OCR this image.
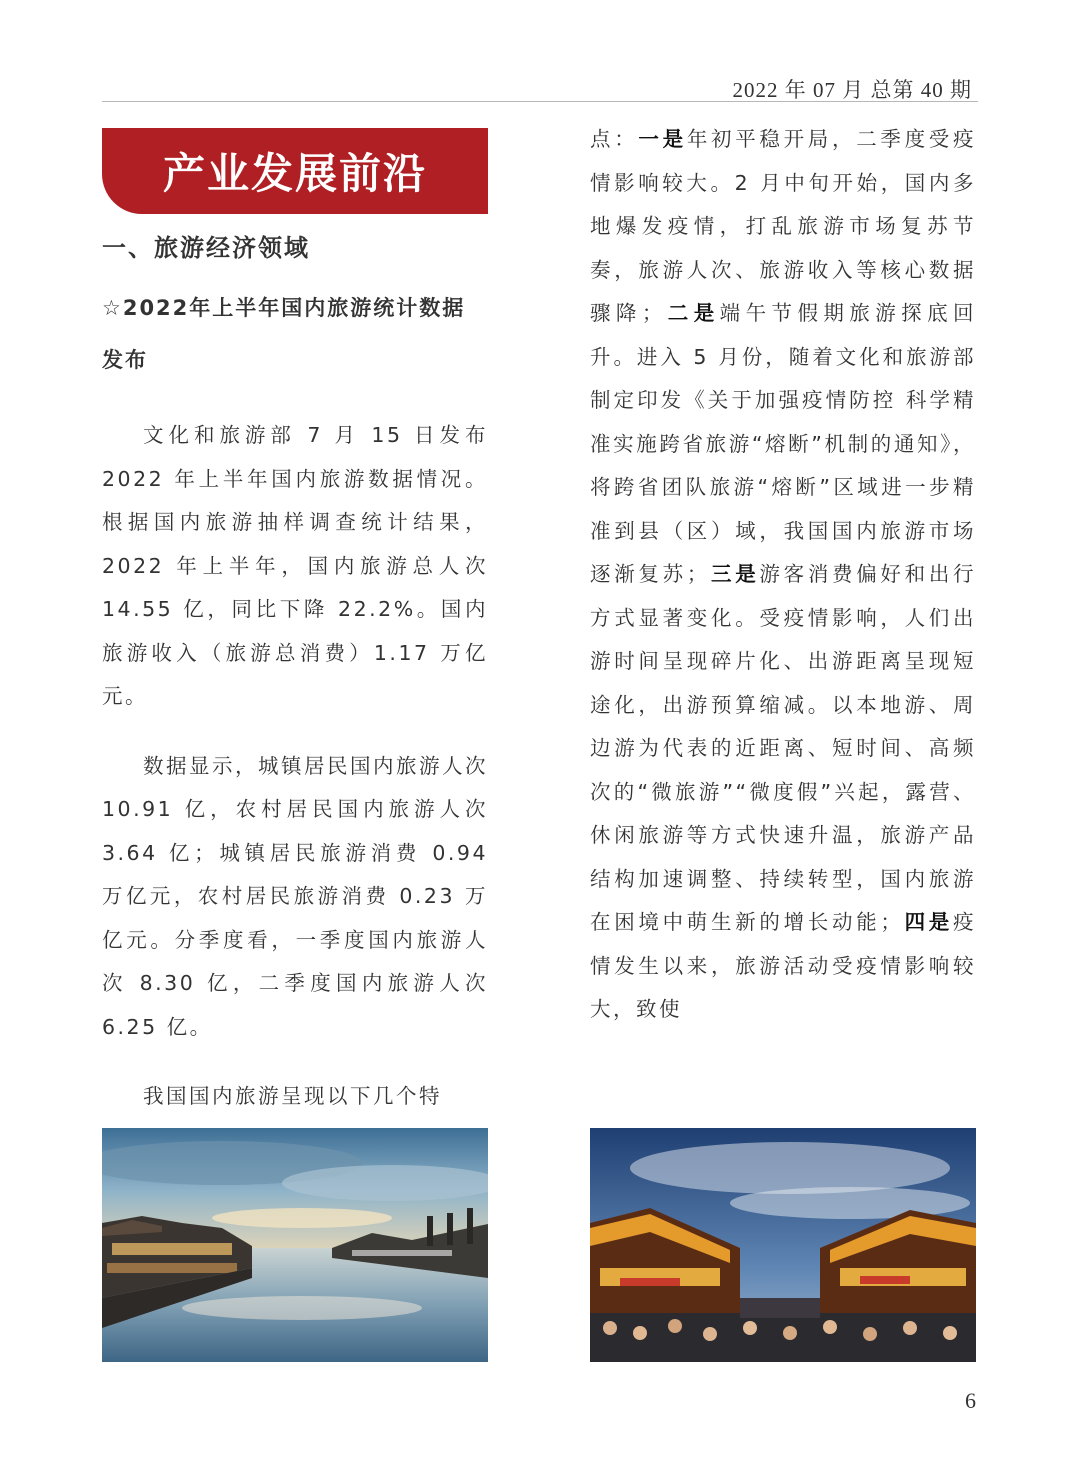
2022 年 07 月 总第 40 期
产业发展前沿
一、旅游经济领域
☆2022年上半年国内旅游统计数据发布

文化和旅游部 7 月 15 日发布 2022 年上半年国内旅游数据情况。根据国内旅游抽样调查统计结果，2022 年上半年，国内旅游总人次 14.55 亿，同比下降 22.2%。国内旅游收入（旅游总消费）1.17 万亿元。

数据显示，城镇居民国内旅游人次 10.91 亿，农村居民国内旅游人次 3.64 亿；城镇居民旅游消费 0.94 万亿元，农村居民旅游消费 0.23 万亿元。分季度看，一季度国内旅游人次 8.30 亿，二季度国内旅游人次 6.25 亿。

我国国内旅游呈现以下几个特

点：一是年初平稳开局，二季度受疫情影响较大。2 月中旬开始，国内多地爆发疫情，打乱旅游市场复苏节奏，旅游人次、旅游收入等核心数据骤降；二是端午节假期旅游探底回升。进入 5 月份，随着文化和旅游部制定印发《关于加强疫情防控 科学精准实施跨省旅游“熔断”机制的通知》，将跨省团队旅游“熔断”区域进一步精准到县（区）域，我国国内旅游市场逐渐复苏；三是游客消费偏好和出行方式显著变化。受疫情影响，人们出游时间呈现碎片化、出游距离呈现短途化，出游预算缩减。以本地游、周边游为代表的近距离、短时间、高频次的“微旅游”“微度假”兴起，露营、休闲旅游等方式快速升温，旅游产品结构加速调整、持续转型，国内旅游在困境中萌生新的增长动能；四是疫情发生以来，旅游活动受疫情影响较大，致使

6
